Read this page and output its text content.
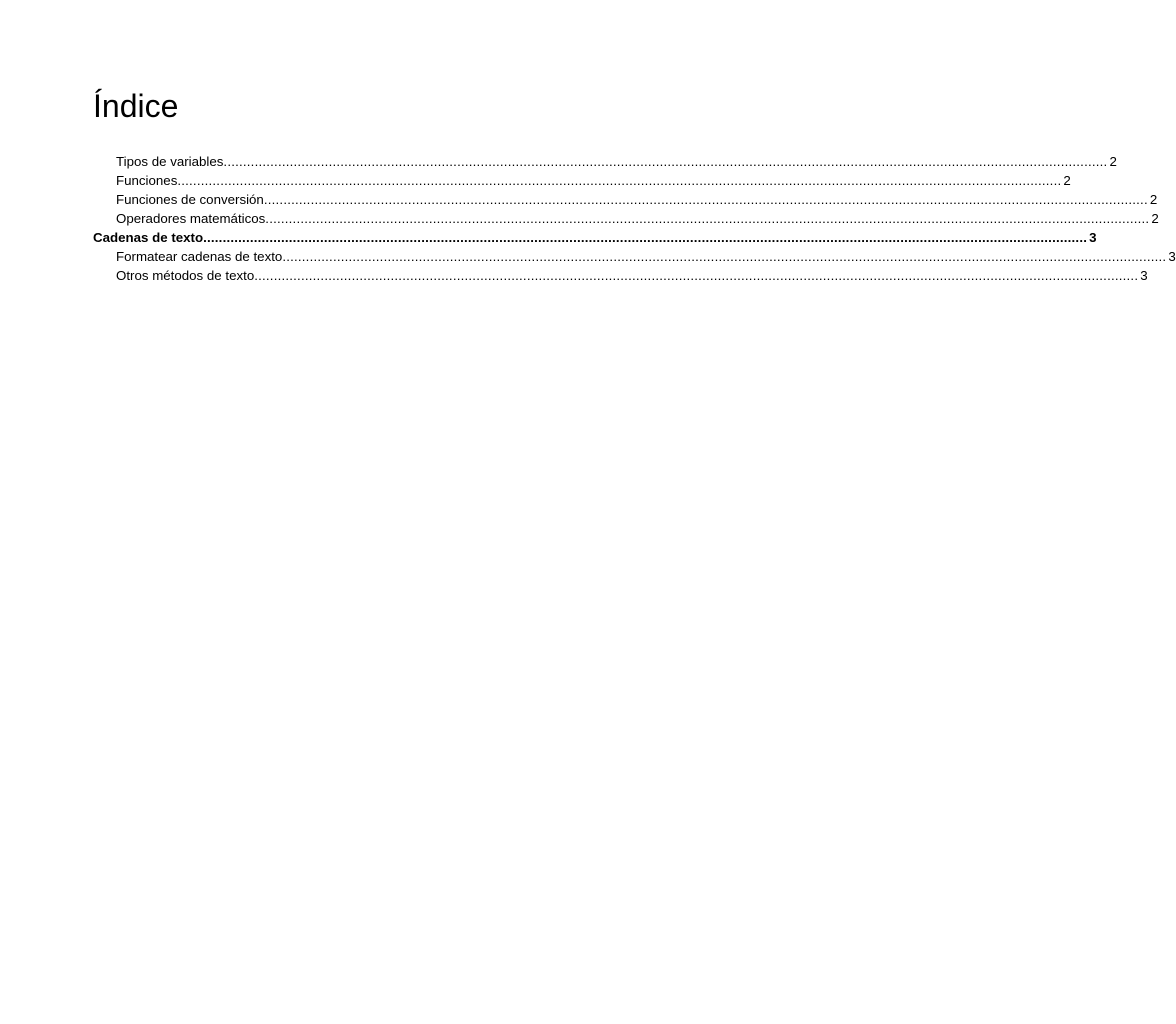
Índice
Tipos de variables ................................................................................................................................................................................................................................... 2
Funciones ................................................................................................................................................................................................................................... 2
Funciones de conversión ................................................................................................................................................................................................................................... 2
Operadores matemáticos ................................................................................................................................................................................................................................... 2
Cadenas de texto ................................................................................................................................................................................................................................... 3
Formatear cadenas de texto ................................................................................................................................................................................................................................... 3
Otros métodos de texto ................................................................................................................................................................................................................................... 3
